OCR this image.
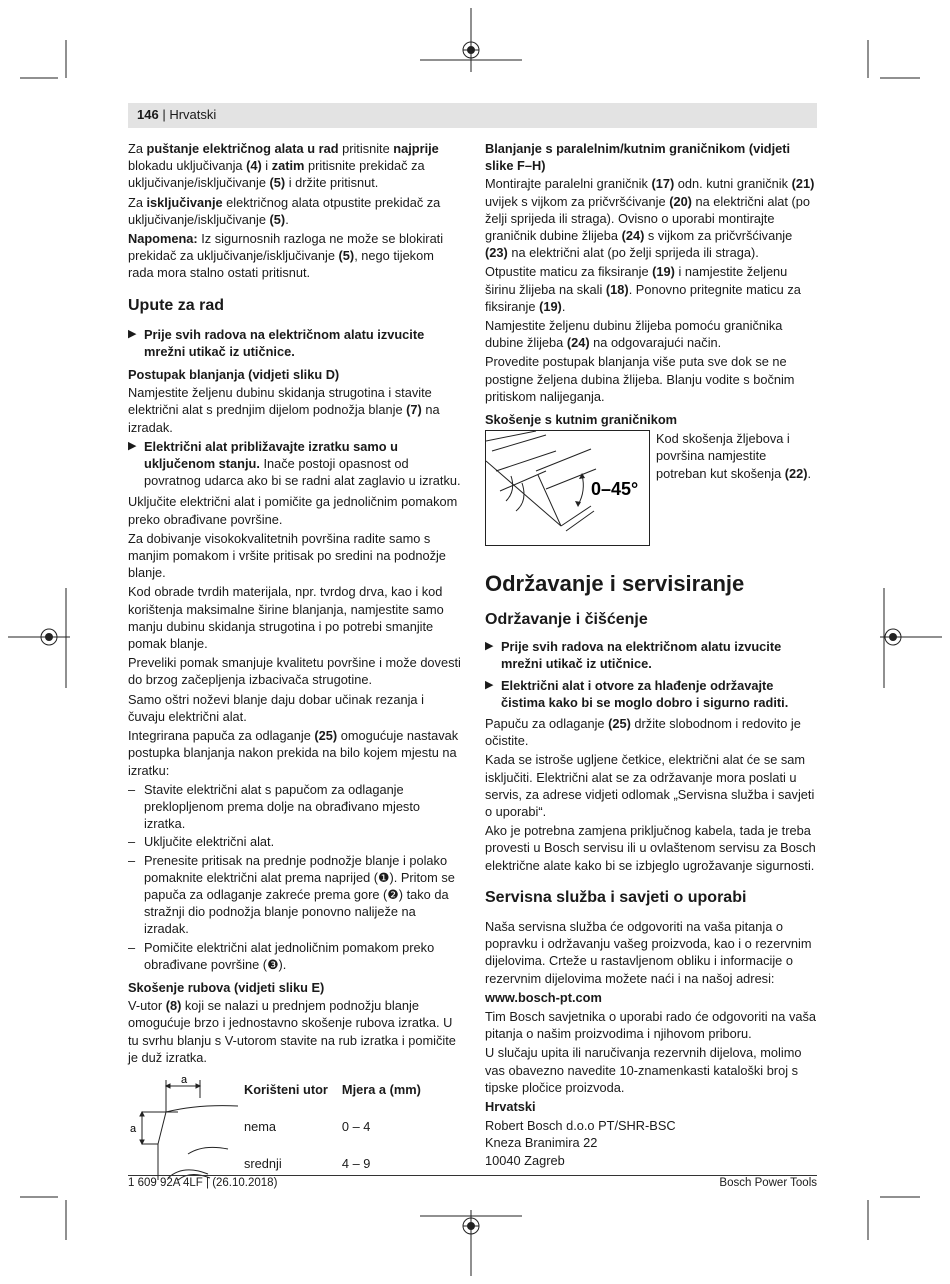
146 | Hrvatski

Za puštanje električnog alata u rad pritisnite najprije blokadu uključivanja (4) i zatim pritisnite prekidač za uključivanje/isključivanje (5) i držite pritisnut.

Za isključivanje električnog alata otpustite prekidač za uključivanje/isključivanje (5).

Napomena: Iz sigurnosnih razloga ne može se blokirati prekidač za uključivanje/isključivanje (5), nego tijekom rada mora stalno ostati pritisnut.

Upute za rad
▶ Prije svih radova na električnom alatu izvucite mrežni utikač iz utičnice.
Postupak blanjanja (vidjeti sliku D)

Namjestite željenu dubinu skidanja strugotina i stavite električni alat s prednjim dijelom podnožja blanje (7) na izradak.

▶ Električni alat približavajte izratku samo u uključenom stanju. Inače postoji opasnost od povratnog udarca ako bi se radni alat zaglavio u izratku.

Uključite električni alat i pomičite ga jednoličnim pomakom preko obrađivane površine.

Za dobivanje visokokvalitetnih površina radite samo s manjim pomakom i vršite pritisak po sredini na podnožje blanje.

Kod obrade tvrdih materijala, npr. tvrdog drva, kao i kod korištenja maksimalne širine blanjanja, namjestite samo manju dubinu skidanja strugotina i po potrebi smanjite pomak blanje.

Preveliki pomak smanjuje kvalitetu površine i može dovesti do brzog začepljenja izbacivača strugotine.

Samo oštri noževi blanje daju dobar učinak rezanja i čuvaju električni alat.

Integrirana papuča za odlaganje (25) omogućuje nastavak postupka blanjanja nakon prekida na bilo kojem mjestu na izratku:

– Stavite električni alat s papučom za odlaganje preklopljenom prema dolje na obrađivano mjesto izratka.
– Uključite električni alat.
– Prenesite pritisak na prednje podnožje blanje i polako pomaknite električni alat prema naprijed (❶). Pritom se papuča za odlaganje zakreće prema gore (❷) tako da stražnji dio podnožja blanje ponovno naliježe na izradak.
– Pomičite električni alat jednoličnim pomakom preko obrađivane površine (❸).
Skošenje rubova (vidjeti sliku E)

V-utor (8) koji se nalazi u prednjem podnožju blanje omogućuje brzo i jednostavno skošenje rubova izratka. U tu svrhu blanju s V-utorom stavite na rub izratka i pomičite je duž izratka.

a
a
Korišteni utor	Mjera a (mm)
nema	0 – 4
srednji	4 – 9
Blanjanje s paralelnim/kutnim graničnikom (vidjeti slike F–H)

Montirajte paralelni graničnik (17) odn. kutni graničnik (21) uvijek s vijkom za pričvršćivanje (20) na električni alat (po želji sprijeda ili straga). Ovisno o uporabi montirajte graničnik dubine žlijeba (24) s vijkom za pričvršćivanje (23) na električni alat (po želji sprijeda ili straga).

Otpustite maticu za fiksiranje (19) i namjestite željenu širinu žlijeba na skali (18). Ponovno pritegnite maticu za fiksiranje (19).

Namjestite željenu dubinu žlijeba pomoću graničnika dubine žlijeba (24) na odgovarajući način.

Provedite postupak blanjanja više puta sve dok se ne postigne željena dubina žlijeba. Blanju vodite s bočnim pritiskom nalijeganja.

Skošenje s kutnim graničnikom
0–45°
Kod skošenja žljebova i površina namjestite potreban kut skošenja (22).
Održavanje i servisiranje
Održavanje i čišćenje
▶ Prije svih radova na električnom alatu izvucite mrežni utikač iz utičnice.
▶ Električni alat i otvore za hlađenje održavajte čistima kako bi se moglo dobro i sigurno raditi.

Papuču za odlaganje (25) držite slobodnom i redovito je očistite.

Kada se istroše ugljene četkice, električni alat će se sam isključiti. Električni alat se za održavanje mora poslati u servis, za adrese vidjeti odlomak „Servisna služba i savjeti o uporabi“.

Ako je potrebna zamjena priključnog kabela, tada je treba provesti u Bosch servisu ili u ovlaštenom servisu za Bosch električne alate kako bi se izbjeglo ugrožavanje sigurnosti.

Servisna služba i savjeti o uporabi

Naša servisna služba će odgovoriti na vaša pitanja o popravku i održavanju vašeg proizvoda, kao i o rezervnim dijelovima. Crteže u rastavljenom obliku i informacije o rezervnim dijelovima možete naći i na našoj adresi:

www.bosch-pt.com

Tim Bosch savjetnika o uporabi rado će odgovoriti na vaša pitanja o našim proizvodima i njihovom priboru.

U slučaju upita ili naručivanja rezervnih dijelova, molimo vas obavezno navedite 10-znamenkasti kataloški broj s tipske pločice proizvoda.

Hrvatski

Robert Bosch d.o.o PT/SHR-BSC

Kneza Branimira 22

10040 Zagreb

1 609 92A 4LF | (26.10.2018)	Bosch Power Tools
